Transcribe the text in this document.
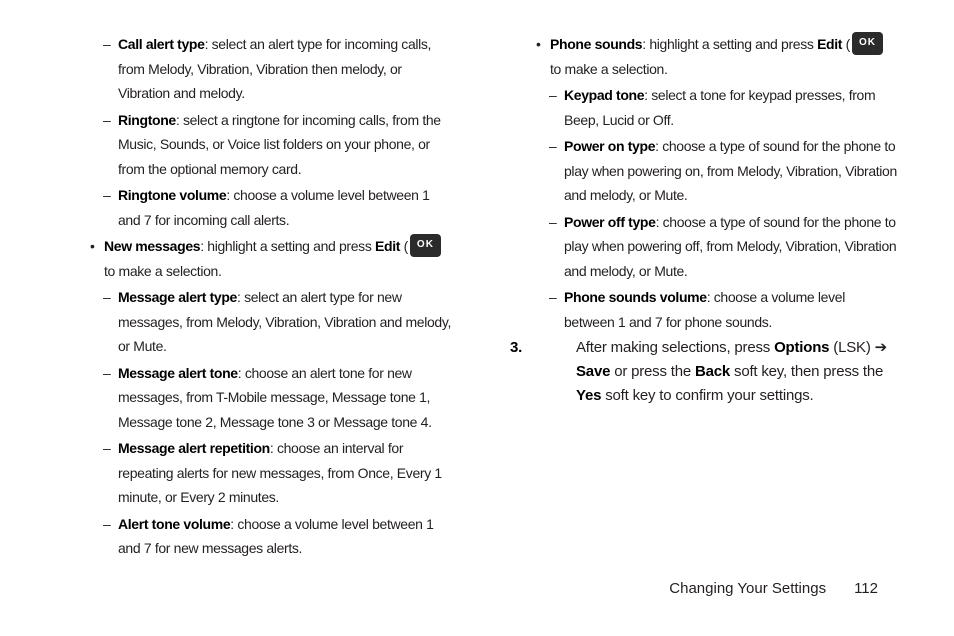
– Call alert type: select an alert type for incoming calls, from Melody, Vibration, Vibration then melody, or Vibration and melody.
– Ringtone: select a ringtone for incoming calls, from the Music, Sounds, or Voice list folders on your phone, or from the optional memory card.
– Ringtone volume: choose a volume level between 1 and 7 for incoming call alerts.
• New messages: highlight a setting and press Edit ( OK
to make a selection.
– Message alert type: select an alert type for new messages, from Melody, Vibration, Vibration and melody, or Mute.
– Message alert tone: choose an alert tone for new messages, from T-Mobile message, Message tone 1, Message tone 2, Message tone 3 or Message tone 4.
– Message alert repetition: choose an interval for repeating alerts for new messages, from Once, Every 1 minute, or Every 2 minutes.
– Alert tone volume: choose a volume level between 1 and 7 for new messages alerts.
• Phone sounds: highlight a setting and press Edit ( OK
to make a selection.
– Keypad tone: select a tone for keypad presses, from Beep, Lucid or Off.
– Power on type: choose a type of sound for the phone to play when powering on, from Melody, Vibration, Vibration and melody, or Mute.
– Power off type: choose a type of sound for the phone to play when powering off, from Melody, Vibration, Vibration and melody, or Mute.
– Phone sounds volume: choose a volume level between 1 and 7 for phone sounds.
3.	After making selections, press Options (LSK) ➔ Save or press the Back soft key, then press the Yes soft key to confirm your settings.
Changing Your Settings 112
